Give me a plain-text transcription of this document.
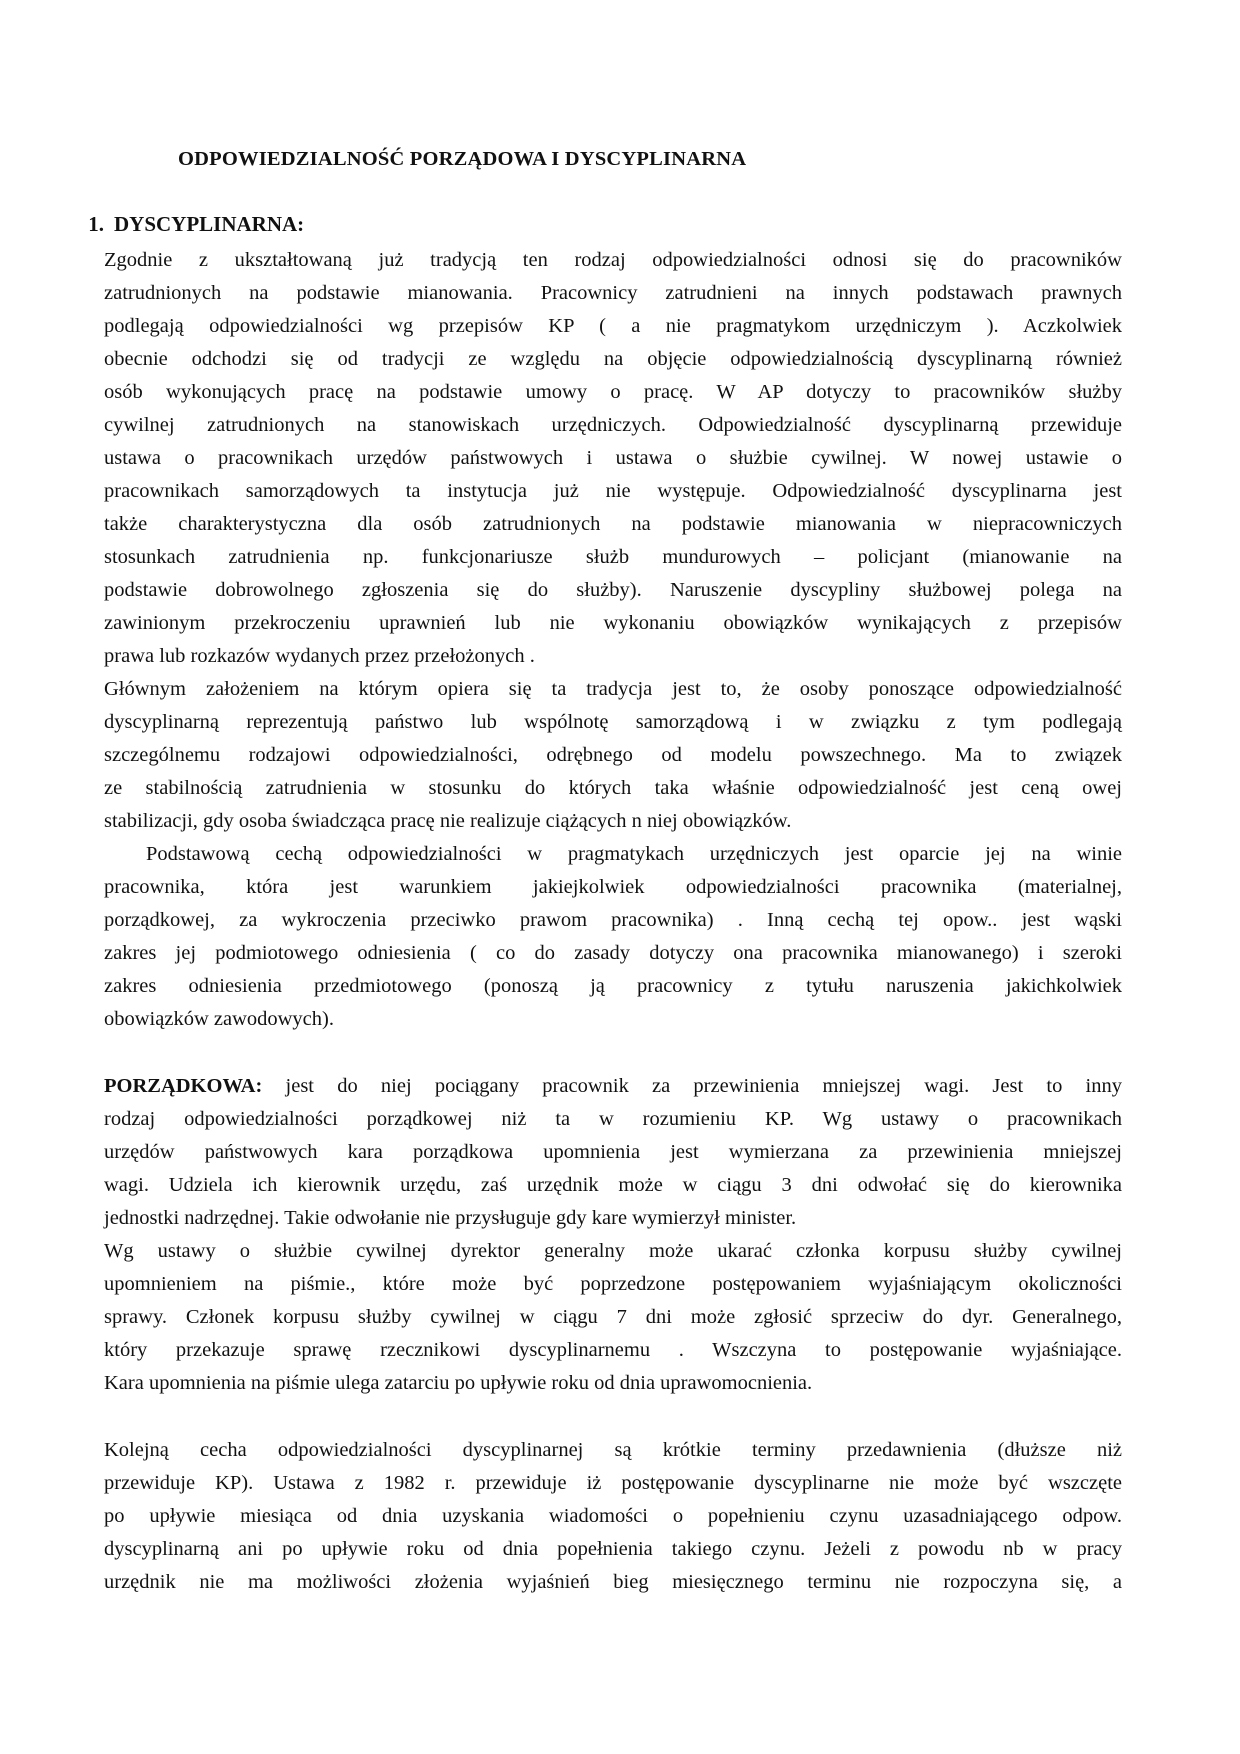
ODPOWIEDZIALNOŚĆ PORZĄDOWA I DYSCYPLINARNA
1. DYSCYPLINARNA:
Zgodnie z ukształtowaną już tradycją ten rodzaj odpowiedzialności odnosi się do pracowników
zatrudnionych na podstawie mianowania. Pracownicy zatrudnieni na innych podstawach prawnych
podlegają odpowiedzialności wg przepisów KP ( a nie pragmatykom urzędniczym ). Aczkolwiek
obecnie odchodzi się od tradycji ze względu na objęcie odpowiedzialnością dyscyplinarną również
osób wykonujących pracę na podstawie umowy o pracę. W AP dotyczy to pracowników służby
cywilnej zatrudnionych na stanowiskach urzędniczych. Odpowiedzialność dyscyplinarną przewiduje
ustawa o pracownikach urzędów państwowych i ustawa o służbie cywilnej. W nowej ustawie o
pracownikach samorządowych ta instytucja już nie występuje. Odpowiedzialność dyscyplinarna jest
także charakterystyczna dla osób zatrudnionych na podstawie mianowania w niepracowniczych
stosunkach zatrudnienia np. funkcjonariusze służb mundurowych – policjant (mianowanie na
podstawie dobrowolnego zgłoszenia się do służby). Naruszenie dyscypliny służbowej polega na
zawinionym przekroczeniu uprawnień lub nie wykonaniu obowiązków wynikających z przepisów
prawa lub rozkazów wydanych przez przełożonych .
Głównym założeniem na którym opiera się ta tradycja jest to, że osoby ponoszące odpowiedzialność
dyscyplinarną reprezentują państwo lub wspólnotę samorządową i w związku z tym podlegają
szczególnemu rodzajowi odpowiedzialności, odrębnego od modelu powszechnego. Ma to związek
ze stabilnością zatrudnienia w stosunku do których taka właśnie odpowiedzialność jest ceną owej
stabilizacji, gdy osoba świadcząca pracę nie realizuje ciążących n niej obowiązków.
Podstawową cechą odpowiedzialności w pragmatykach urzędniczych jest oparcie jej na winie
pracownika, która jest warunkiem jakiejkolwiek odpowiedzialności pracownika (materialnej,
porządkowej, za wykroczenia przeciwko prawom pracownika) . Inną cechą tej opow.. jest wąski
zakres jej podmiotowego odniesienia ( co do zasady dotyczy ona pracownika mianowanego) i szeroki
zakres odniesienia przedmiotowego (ponoszą ją pracownicy z tytułu naruszenia jakichkolwiek
obowiązków zawodowych).
PORZĄDKOWA: jest do niej pociągany pracownik za przewinienia mniejszej wagi. Jest to inny
rodzaj odpowiedzialności porządkowej niż ta w rozumieniu KP. Wg ustawy o pracownikach
urzędów państwowych kara porządkowa upomnienia jest wymierzana za przewinienia mniejszej
wagi. Udziela ich kierownik urzędu, zaś urzędnik może w ciągu 3 dni odwołać się do kierownika
jednostki nadrzędnej. Takie odwołanie nie przysługuje gdy kare wymierzył minister.
Wg ustawy o służbie cywilnej dyrektor generalny może ukarać członka korpusu służby cywilnej
upomnieniem na piśmie., które może być poprzedzone postępowaniem wyjaśniającym okoliczności
sprawy. Członek korpusu służby cywilnej w ciągu 7 dni może zgłosić sprzeciw do dyr. Generalnego,
który przekazuje sprawę rzecznikowi dyscyplinarnemu . Wszczyna to postępowanie wyjaśniające.
Kara upomnienia na piśmie ulega zatarciu po upływie roku od dnia uprawomocnienia.
Kolejną cecha odpowiedzialności dyscyplinarnej są krótkie terminy przedawnienia (dłuższe niż
przewiduje KP). Ustawa z 1982 r. przewiduje iż postępowanie dyscyplinarne nie może być wszczęte
po upływie miesiąca od dnia uzyskania wiadomości o popełnieniu czynu uzasadniającego odpow.
dyscyplinarną ani po upływie roku od dnia popełnienia takiego czynu. Jeżeli z powodu nb w pracy
urzędnik nie ma możliwości złożenia wyjaśnień bieg miesięcznego terminu nie rozpoczyna się, a
